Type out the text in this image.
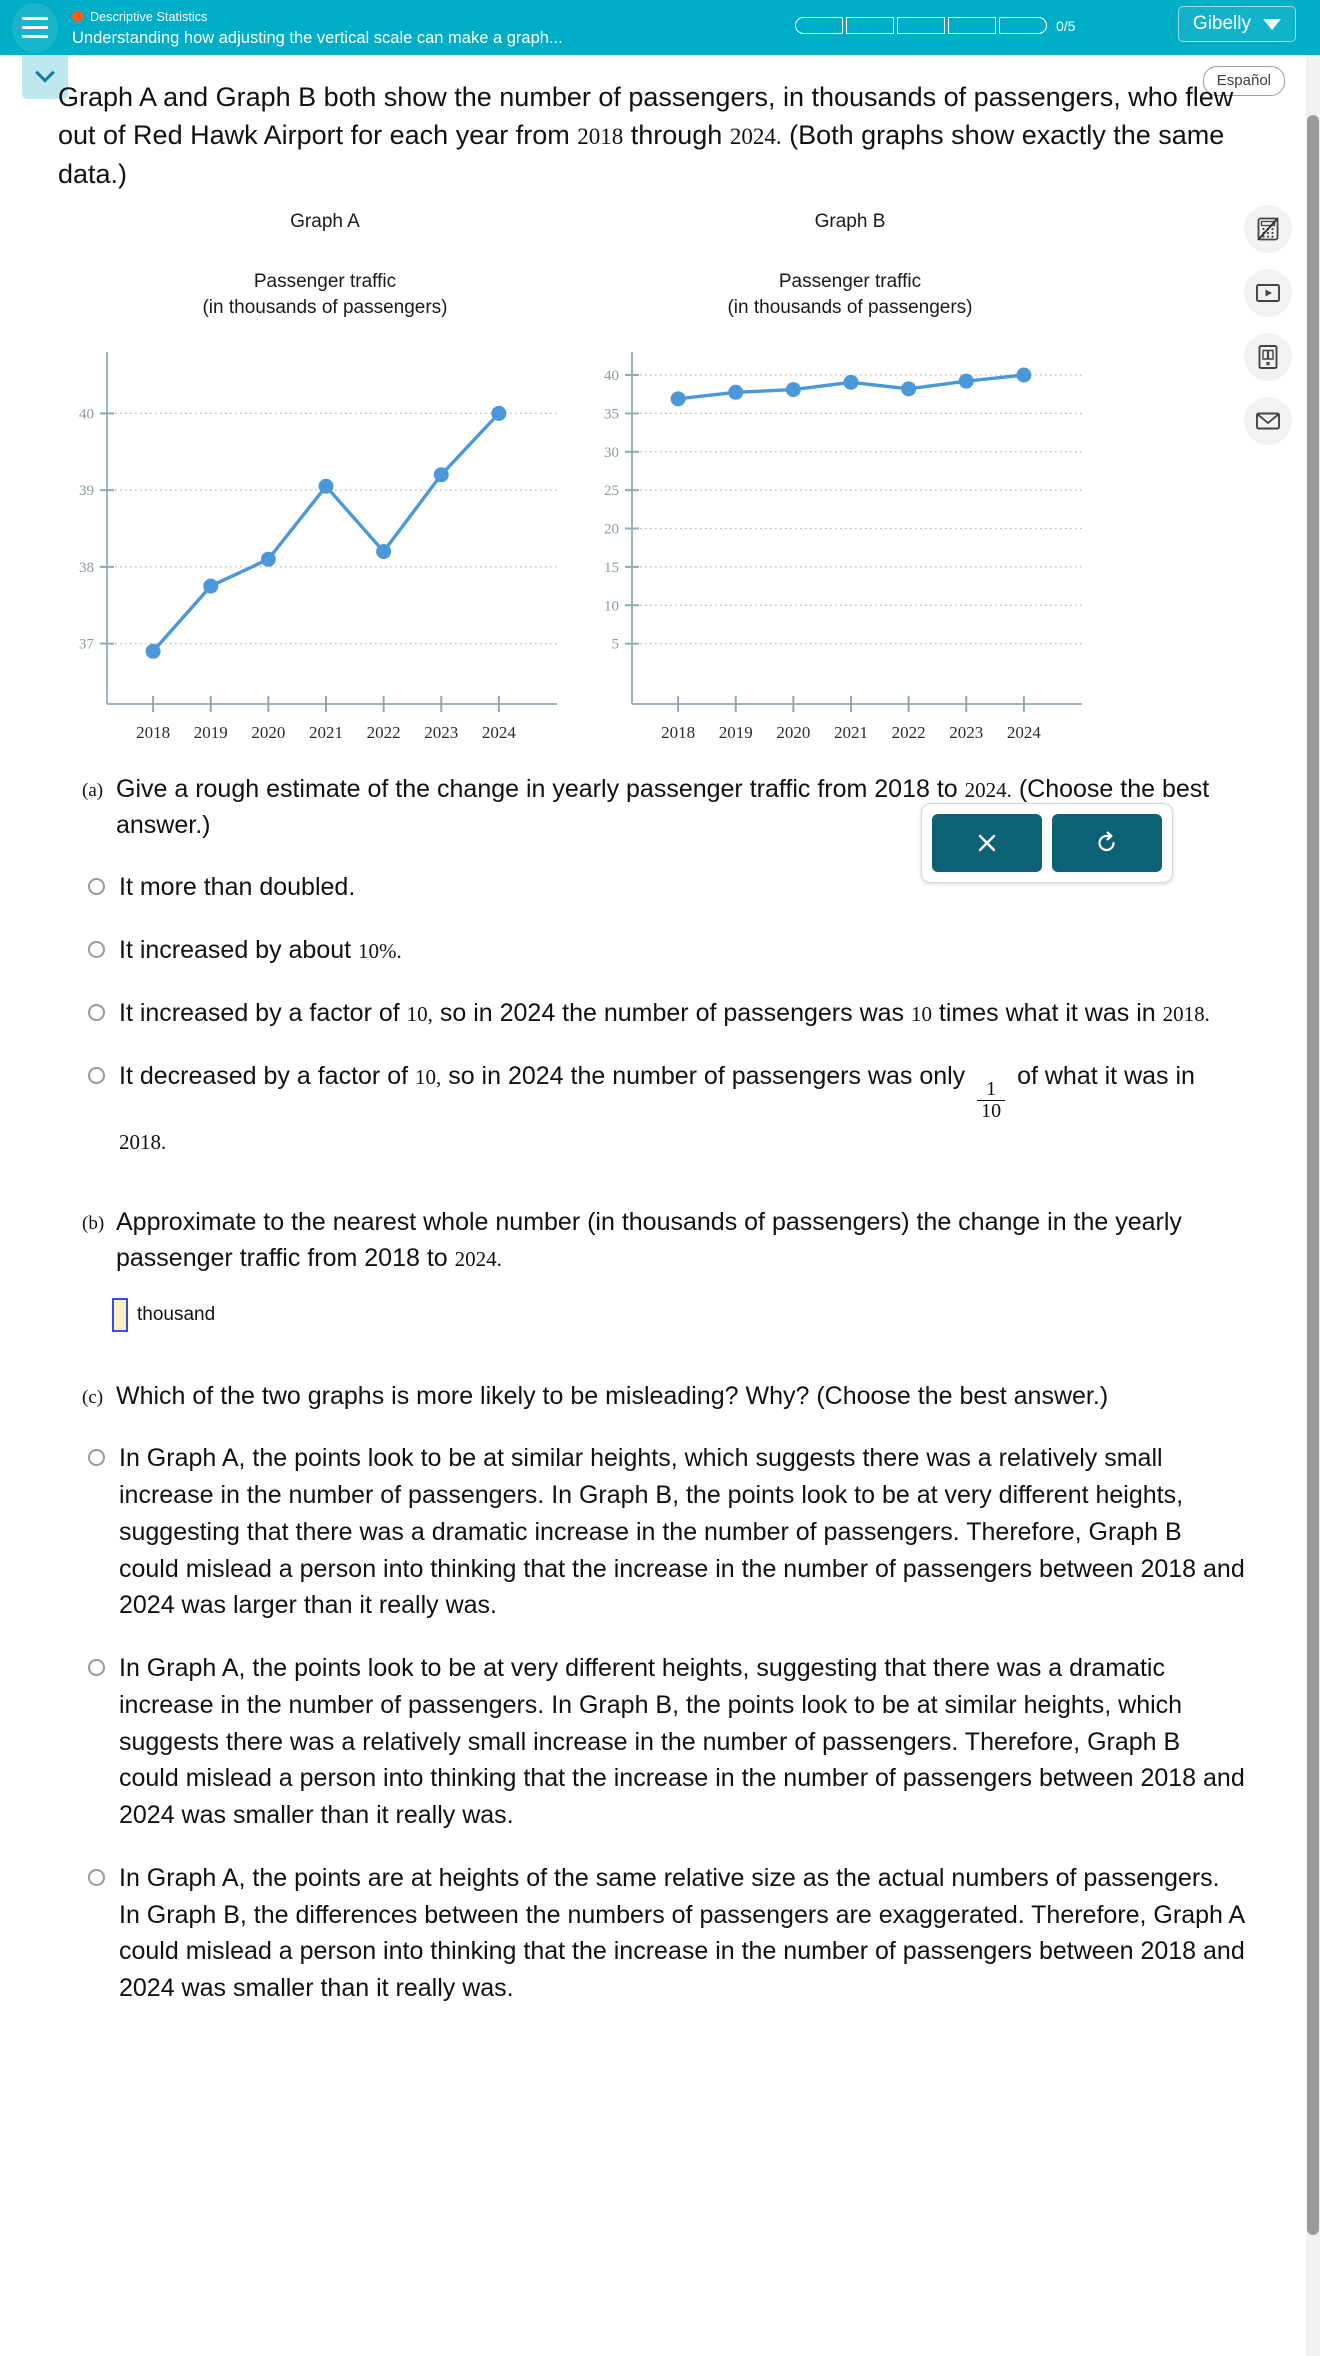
Descriptive Statistics
Understanding how adjusting the vertical scale can make a graph...
0/5	Gibelly
Español
Graph A and Graph B both show the number of passengers, in thousands of passengers, who flew out of Red Hawk Airport for each year from 2018 through 2024. (Both graphs show exactly the same data.)
Graph A
Passenger traffic
(in thousands of passengers)
37
38
39
40
2018 2019 2020 2021 2022 2023 2024
Graph B
Passenger traffic
(in thousands of passengers)
5
10
15
20
25
30
35
40
2018 2019 2020 2021 2022 2023 2024
(a) Give a rough estimate of the change in yearly passenger traffic from 2018 to 2024. (Choose the best answer.)
It more than doubled.
It increased by about 10%.
It increased by a factor of 10, so in 2024 the number of passengers was 10 times what it was in 2018.
It decreased by a factor of 10, so in 2024 the number of passengers was only
$\frac{1}{10}$
of what it was in 2018.
(b) Approximate to the nearest whole number (in thousands of passengers) the change in the yearly passenger traffic from 2018 to 2024.
thousand
(c) Which of the two graphs is more likely to be misleading? Why? (Choose the best answer.)
In Graph A, the points look to be at similar heights, which suggests there was a relatively small increase in the number of passengers. In Graph B, the points look to be at very different heights, suggesting that there was a dramatic increase in the number of passengers. Therefore, Graph B could mislead a person into thinking that the increase in the number of passengers between 2018 and 2024 was larger than it really was.
In Graph A, the points look to be at very different heights, suggesting that there was a dramatic increase in the number of passengers. In Graph B, the points look to be at similar heights, which suggests there was a relatively small increase in the number of passengers. Therefore, Graph B could mislead a person into thinking that the increase in the number of passengers between 2018 and 2024 was smaller than it really was.
In Graph A, the points are at heights of the same relative size as the actual numbers of passengers. In Graph B, the differences between the numbers of passengers are exaggerated. Therefore, Graph A could mislead a person into thinking that the increase in the number of passengers between 2018 and 2024 was smaller than it really was.
